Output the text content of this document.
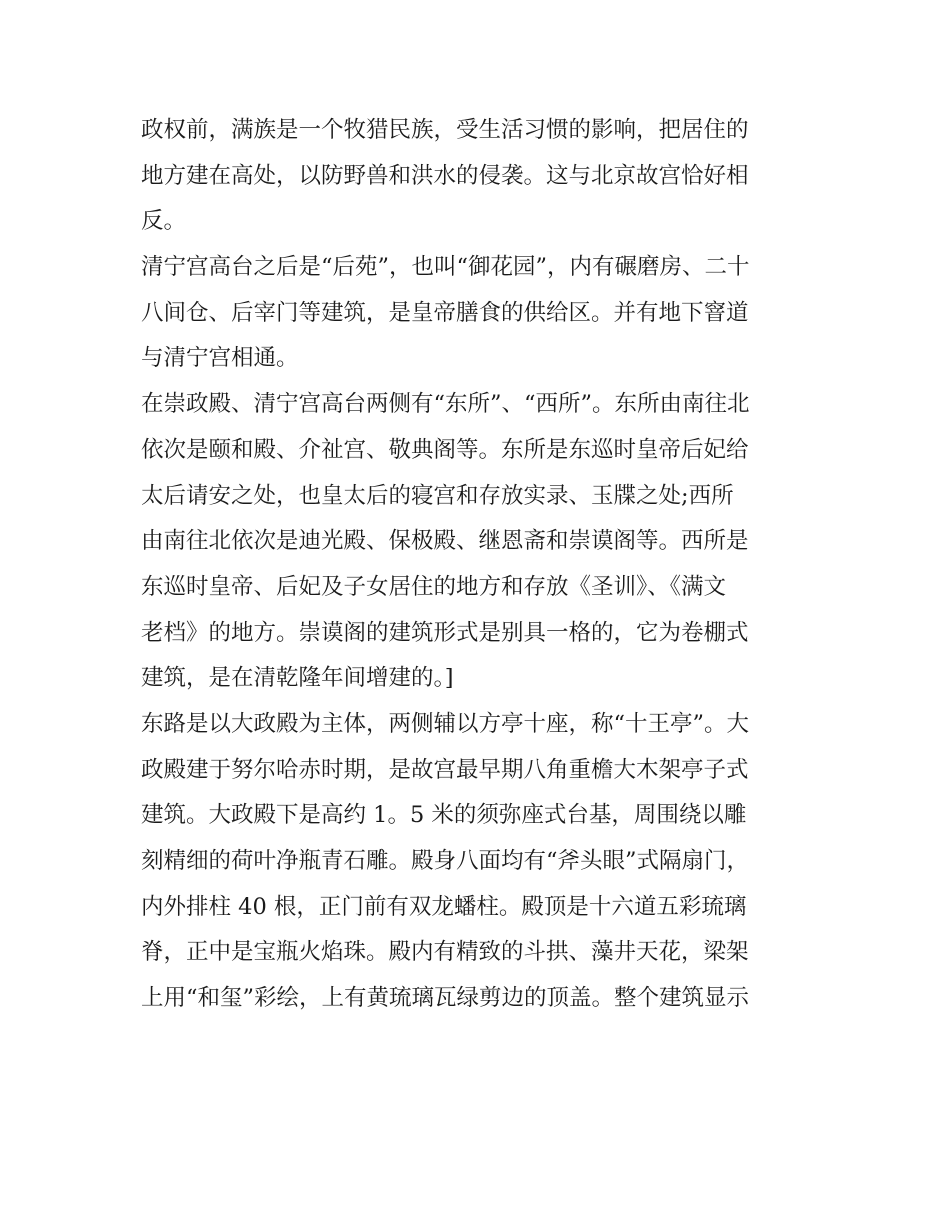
政权前，满族是一个牧猎民族，受生活习惯的影响，把居住的
地方建在高处，以防野兽和洪水的侵袭。这与北京故宫恰好相
反。
清宁宫高台之后是“后苑”，也叫“御花园”，内有碾磨房、二十
八间仓、后宰门等建筑，是皇帝膳食的供给区。并有地下窨道
与清宁宫相通。
在崇政殿、清宁宫高台两侧有“东所”、“西所”。东所由南往北
依次是颐和殿、介祉宫、敬典阁等。东所是东巡时皇帝后妃给
太后请安之处，也皇太后的寝宫和存放实录、玉牒之处;西所
由南往北依次是迪光殿、保极殿、继恩斋和崇谟阁等。西所是
东巡时皇帝、后妃及子女居住的地方和存放《圣训》、《满文
老档》的地方。崇谟阁的建筑形式是别具一格的，它为卷棚式
建筑，是在清乾隆年间增建的。]
东路是以大政殿为主体，两侧辅以方亭十座，称“十王亭”。大
政殿建于努尔哈赤时期，是故宫最早期八角重檐大木架亭子式
建筑。大政殿下是高约 1。5 米的须弥座式台基，周围绕以雕
刻精细的荷叶净瓶青石雕。殿身八面均有“斧头眼”式隔扇门，
内外排柱 40 根，正门前有双龙蟠柱。殿顶是十六道五彩琉璃
脊，正中是宝瓶火焰珠。殿内有精致的斗拱、藻井天花，梁架
上用“和玺”彩绘，上有黄琉璃瓦绿剪边的顶盖。整个建筑显示
